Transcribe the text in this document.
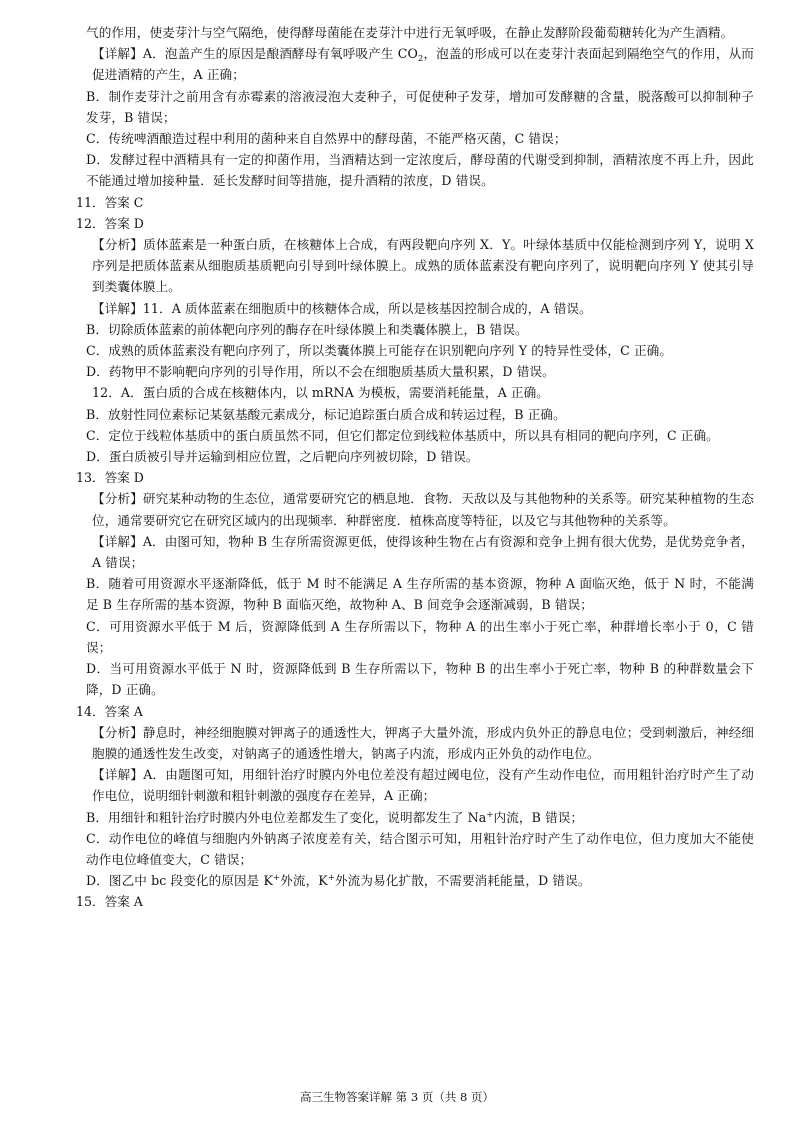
气的作用，使麦芽汁与空气隔绝，使得酵母菌能在麦芽汁中进行无氧呼吸，在静止发酵阶段葡萄糖转化为产生酒精。

【详解】A．泡盖产生的原因是酿酒酵母有氧呼吸产生 $CO_2$，泡盖的形成可以在麦芽汁表面起到隔绝空气的作用，从而促进酒精的产生，A 正确；

B．制作麦芽汁之前用含有赤霉素的溶液浸泡大麦种子，可促使种子发芽，增加可发酵糖的含量，脱落酸可以抑制种子发芽，B 错误；

C．传统啤酒酿造过程中利用的菌种来自自然界中的酵母菌，不能严格灭菌，C 错误；

D．发酵过程中酒精具有一定的抑菌作用，当酒精达到一定浓度后，酵母菌的代谢受到抑制，酒精浓度不再上升，因此不能通过增加接种量．延长发酵时间等措施，提升酒精的浓度，D 错误。

11．答案 C

12．答案 D

【分析】质体蓝素是一种蛋白质，在核糖体上合成，有两段靶向序列 X．Y。叶绿体基质中仅能检测到序列 Y，说明 X 序列是把质体蓝素从细胞质基质靶向引导到叶绿体膜上。成熟的质体蓝素没有靶向序列了，说明靶向序列 Y 使其引导到类囊体膜上。

【详解】11．A 质体蓝素在细胞质中的核糖体合成，所以是核基因控制合成的，A 错误。

B．切除质体蓝素的前体靶向序列的酶存在叶绿体膜上和类囊体膜上，B 错误。

C．成熟的质体蓝素没有靶向序列了，所以类囊体膜上可能存在识别靶向序列 Y 的特异性受体，C 正确。

D．药物甲不影响靶向序列的引导作用，所以不会在细胞质基质大量积累，D 错误。

12．A．蛋白质的合成在核糖体内，以 mRNA 为模板，需要消耗能量，A 正确。

B．放射性同位素标记某氨基酸元素成分，标记追踪蛋白质合成和转运过程，B 正确。

C．定位于线粒体基质中的蛋白质虽然不同，但它们都定位到线粒体基质中，所以具有相同的靶向序列，C 正确。

D．蛋白质被引导并运输到相应位置，之后靶向序列被切除，D 错误。

13．答案 D

【分析】研究某种动物的生态位，通常要研究它的栖息地．食物．天敌以及与其他物种的关系等。研究某种植物的生态位，通常要研究它在研究区域内的出现频率．种群密度．植株高度等特征，以及它与其他物种的关系等。

【详解】A．由图可知，物种 B 生存所需资源更低，使得该种生物在占有资源和竞争上拥有很大优势，是优势竞争者，A 错误；

B．随着可用资源水平逐渐降低，低于 M 时不能满足 A 生存所需的基本资源，物种 A 面临灭绝，低于 N 时，不能满足 B 生存所需的基本资源，物种 B 面临灭绝，故物种 A、B 间竞争会逐渐减弱，B 错误；

C．可用资源水平低于 M 后，资源降低到 A 生存所需以下，物种 A 的出生率小于死亡率，种群增长率小于 0，C 错误；

D．当可用资源水平低于 N 时，资源降低到 B 生存所需以下，物种 B 的出生率小于死亡率，物种 B 的种群数量会下降，D 正确。

14．答案 A

【分析】静息时，神经细胞膜对钾离子的通透性大，钾离子大量外流，形成内负外正的静息电位；受到刺激后，神经细胞膜的通透性发生改变，对钠离子的通透性增大，钠离子内流，形成内正外负的动作电位。

【详解】A．由题图可知，用细针治疗时膜内外电位差没有超过阈电位，没有产生动作电位，而用粗针治疗时产生了动作电位，说明细针刺激和粗针刺激的强度存在差异，A 正确；

B．用细针和粗针治疗时膜内外电位差都发生了变化，说明都发生了 Na+内流，B 错误；

C．动作电位的峰值与细胞内外钠离子浓度差有关，结合图示可知，用粗针治疗时产生了动作电位，但力度加大不能使动作电位峰值变大，C 错误；

D．图乙中 bc 段变化的原因是 K+外流，K+外流为易化扩散，不需要消耗能量，D 错误。

15．答案 A

高三生物答案详解 第 3 页（共 8 页）
